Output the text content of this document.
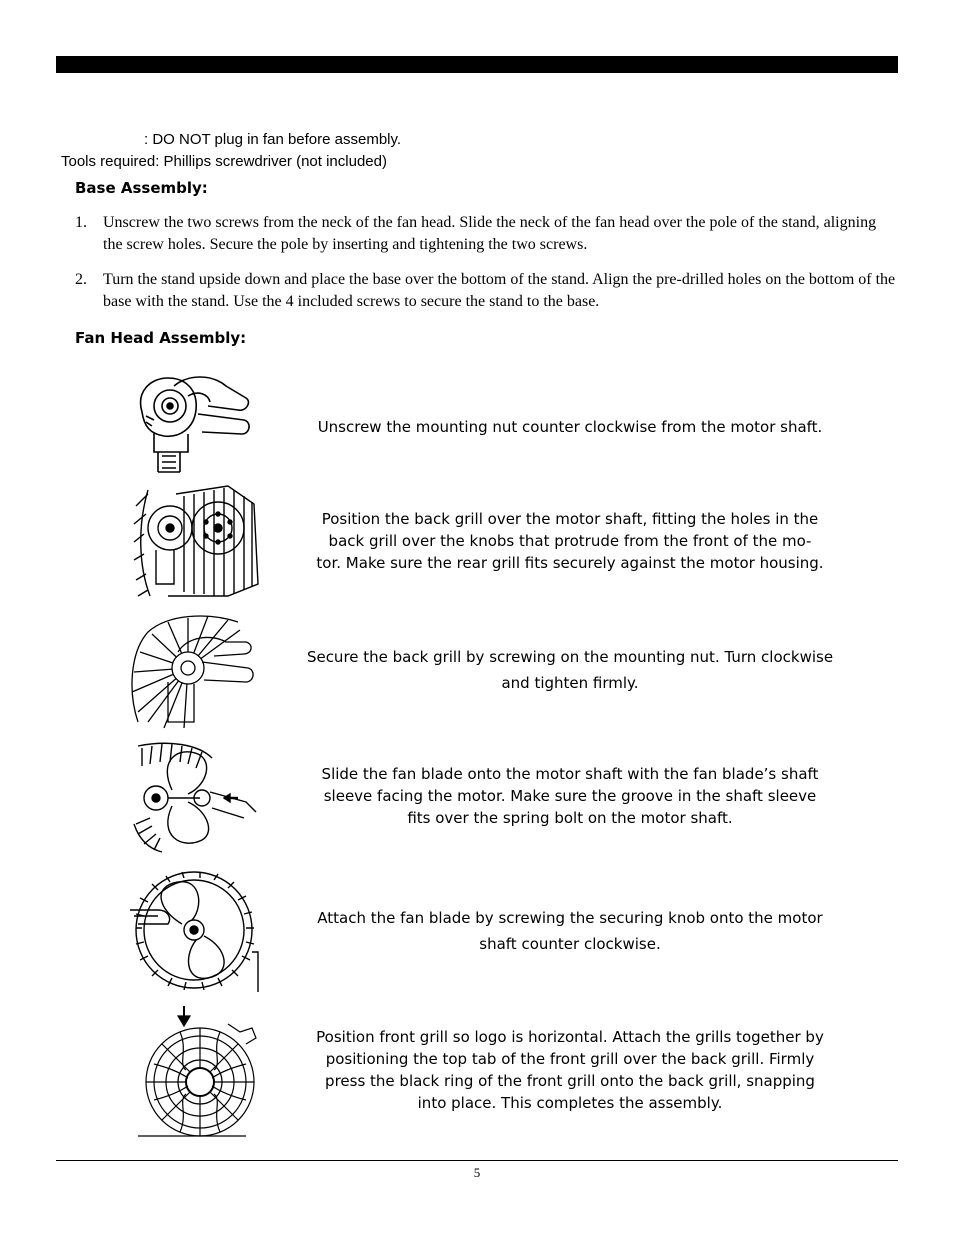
: DO NOT plug in fan before assembly.
Tools required: Phillips screwdriver (not included)
Base Assembly:
1.	Unscrew the two screws from the neck of the fan head. Slide the neck of the fan head over the pole of the stand, aligning the screw holes. Secure the pole by inserting and tightening the two screws.
2.	Turn the stand upside down and place the base over the bottom of the stand. Align the pre-drilled holes on the bottom of the base with the stand. Use the 4 included screws to secure the stand to the base.
Fan Head Assembly:
Unscrew the mounting nut counter clockwise from the motor shaft.
Position the back grill over the motor shaft, fitting the holes in the
back grill over the knobs that protrude from the front of the mo-
tor. Make sure the rear grill fits securely against the motor housing.
Secure the back grill by screwing on the mounting nut. Turn clockwise
and tighten firmly.
Slide the fan blade onto the motor shaft with the fan blade’s shaft
sleeve facing the motor. Make sure the groove in the shaft sleeve
fits over the spring bolt on the motor shaft.
Attach the fan blade by screwing the securing knob onto the motor
shaft counter clockwise.
Position front grill so logo is horizontal. Attach the grills together by
positioning the top tab of the front grill over the back grill. Firmly
press the black ring of the front grill onto the back grill, snapping
into place. This completes the assembly.
5
